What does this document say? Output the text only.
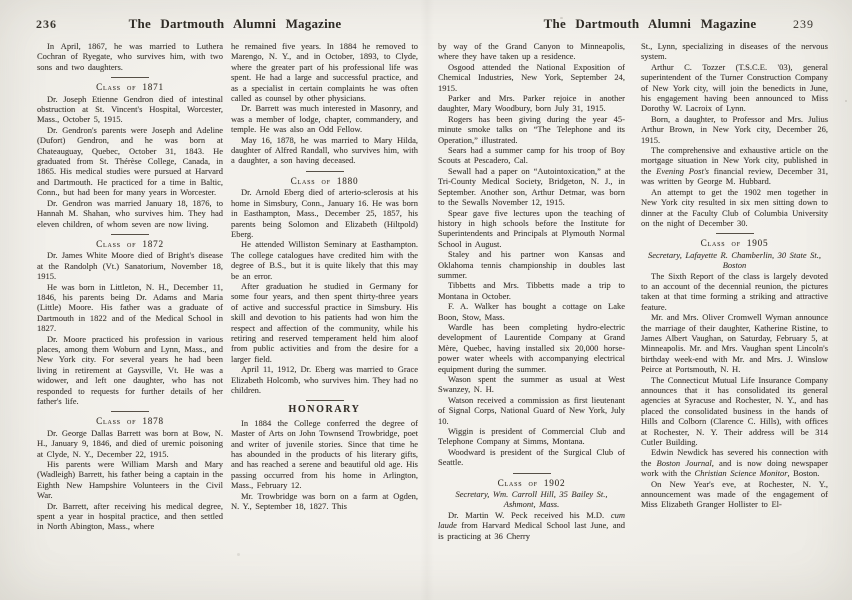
236	The Dartmouth Alumni Magazine	The Dartmouth Alumni Magazine	239
In April, 1867, he was married to Luthera Cochran of Ryegate, who survives him, with two sons and two daughters.
Class of 1871
Dr. Joseph Etienne Gendron died of intestinal obstruction at St. Vincent's Hospital, Worcester, Mass., October 5, 1915.
Dr. Gendron's parents were Joseph and Adeline (Dufort) Gendron, and he was born at Chateauguay, Quebec, October 31, 1843. He graduated from St. Thérèse College, Canada, in 1865. His medical studies were pursued at Harvard and Dartmouth. He practiced for a time in Baltic, Conn., but had been for many years in Worcester.
Dr. Gendron was married January 18, 1876, to Hannah M. Shahan, who survives him. They had eleven children, of whom seven are now living.
Class of 1872
Dr. James White Moore died of Bright's disease at the Randolph (Vt.) Sanatorium, November 18, 1915.
He was born in Littleton, N. H., December 11, 1846, his parents being Dr. Adams and Maria (Little) Moore. His father was a graduate of Dartmouth in 1822 and of the Medical School in 1827.
Dr. Moore practiced his profession in various places, among them Woburn and Lynn, Mass., and New York city. For several years he had been living in retirement at Gaysville, Vt. He was a widower, and left one daughter, who has not responded to requests for further details of her father's life.
Class of 1878
Dr. George Dallas Barrett was born at Bow, N. H., January 9, 1846, and died of uremic poisoning at Clyde, N. Y., December 22, 1915.
His parents were William Marsh and Mary (Wadleigh) Barrett, his father being a captain in the Eighth New Hampshire Volunteers in the Civil War.
Dr. Barrett, after receiving his medical degree, spent a year in hospital practice, and then settled in North Abington, Mass., where
he remained five years. In 1884 he removed to Marengo, N. Y., and in October, 1893, to Clyde, where the greater part of his professional life was spent. He had a large and successful practice, and as a specialist in certain complaints he was often called as counsel by other physicians.
Dr. Barrett was much interested in Masonry, and was a member of lodge, chapter, commandery, and temple. He was also an Odd Fellow.
May 16, 1878, he was married to Mary Hilda, daughter of Alfred Randall, who survives him, with a daughter, a son having deceased.
Class of 1880
Dr. Arnold Eberg died of arterio-sclerosis at his home in Simsbury, Conn., January 16. He was born in Easthampton, Mass., December 25, 1857, his parents being Solomon and Elizabeth (Hiltpold) Eberg.
He attended Williston Seminary at Easthampton. The college catalogues have credited him with the degree of B.S., but it is quite likely that this may be an error.
After graduation he studied in Germany for some four years, and then spent thirty-three years of active and successful practice in Simsbury. His skill and devotion to his patients had won him the respect and affection of the community, while his retiring and reserved temperament held him aloof from public activities and from the desire for a larger field.
April 11, 1912, Dr. Eberg was married to Grace Elizabeth Holcomb, who survives him. They had no children.
HONORARY
In 1884 the College conferred the degree of Master of Arts on John Townsend Trowbridge, poet and writer of juvenile stories. Since that time he has abounded in the products of his literary gifts, and has reached a serene and beautiful old age. His passing occurred from his home in Arlington, Mass., February 12.
Mr. Trowbridge was born on a farm at Ogden, N. Y., September 18, 1827. This
by way of the Grand Canyon to Minneapolis, where they have taken up a residence.
Osgood attended the National Exposition of Chemical Industries, New York, September 24, 1915.
Parker and Mrs. Parker rejoice in another daughter, Mary Woodbury, born July 31, 1915.
Rogers has been giving during the year 45-minute smoke talks on “The Telephone and its Operation,” illustrated.
Sears had a summer camp for his troop of Boy Scouts at Pescadero, Cal.
Sewall had a paper on “Autointoxication,” at the Tri-County Medical Society, Bridgeton, N. J., in September. Another son, Arthur Detmar, was born to the Sewalls November 12, 1915.
Spear gave five lectures upon the teaching of history in high schools before the Institute for Superintendents and Principals at Plymouth Normal School in August.
Staley and his partner won Kansas and Oklahoma tennis championship in doubles last summer.
Tibbetts and Mrs. Tibbetts made a trip to Montana in October.
F. A. Walker has bought a cottage on Lake Boon, Stow, Mass.
Wardle has been completing hydro-electric development of Laurentide Company at Grand Mère, Quebec, having installed six 20,000 horse-power water wheels with accompanying electrical equipment during the summer.
Wason spent the summer as usual at West Swanzey, N. H.
Watson received a commission as first lieutenant of Signal Corps, National Guard of New York, July 10.
Wiggin is president of Commercial Club and Telephone Company at Simms, Montana.
Woodward is president of the Surgical Club of Seattle.
Class of 1902
Secretary, Wm. Carroll Hill, 35 Bailey St., Ashmont, Mass.
Dr. Martin W. Peck received his M.D. cum laude from Harvard Medical School last June, and is practicing at 36 Cherry
St., Lynn, specializing in diseases of the nervous system.
Arthur C. Tozzer (T.S.C.E. '03), general superintendent of the Turner Construction Company of New York city, will join the benedicts in June, his engagement having been announced to Miss Dorothy W. Lacroix of Lynn.
Born, a daughter, to Professor and Mrs. Julius Arthur Brown, in New York city, December 26, 1915.
The comprehensive and exhaustive article on the mortgage situation in New York city, published in the Evening Post's financial review, December 31, was written by George M. Hubbard.
An attempt to get the 1902 men together in New York city resulted in six men sitting down to dinner at the Faculty Club of Columbia University on the night of December 30.
Class of 1905
Secretary, Lafayette R. Chamberlin, 30 State St., Boston
The Sixth Report of the class is largely devoted to an account of the decennial reunion, the pictures taken at that time forming a striking and attractive feature.
Mr. and Mrs. Oliver Cromwell Wyman announce the marriage of their daughter, Katherine Ristine, to James Albert Vaughan, on Saturday, February 5, at Minneapolis. Mr. and Mrs. Vaughan spent Lincoln's birthday week-end with Mr. and Mrs. J. Winslow Peirce at Portsmouth, N. H.
The Connecticut Mutual Life Insurance Company announces that it has consolidated its general agencies at Syracuse and Rochester, N. Y., and has placed the consolidated business in the hands of Hills and Colborn (Clarence C. Hills), with offices at Rochester, N. Y. Their address will be 314 Cutler Building.
Edwin Newdick has severed his connection with the Boston Journal, and is now doing newspaper work with the Christian Science Monitor, Boston.
On New Year's eve, at Rochester, N. Y., announcement was made of the engagement of Miss Elizabeth Granger Hollister to El-
